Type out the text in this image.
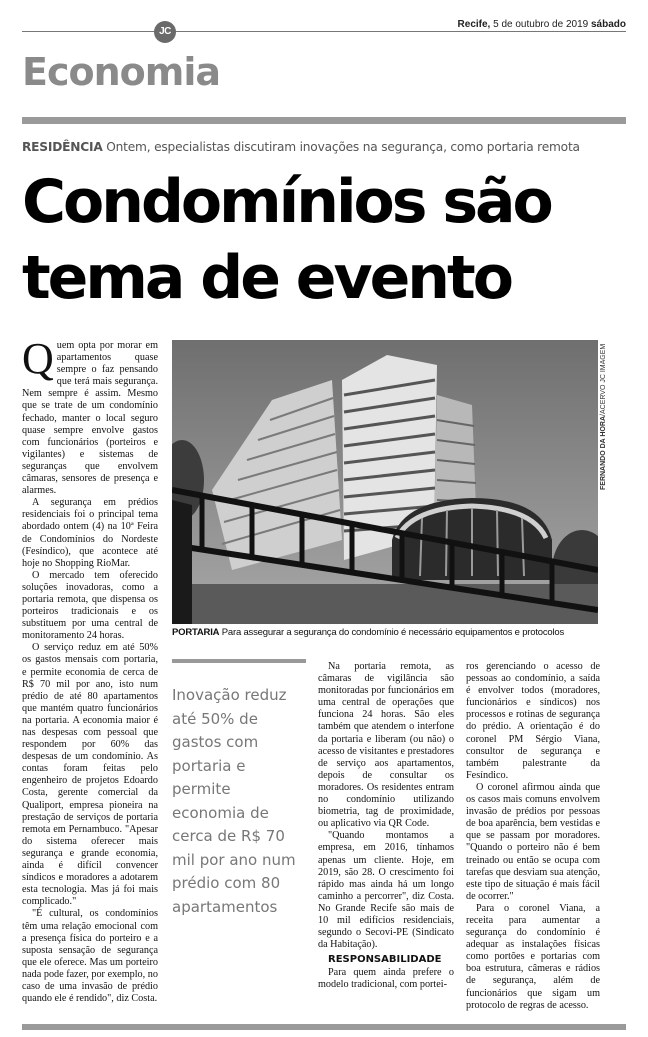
JC
Recife, 5 de outubro de 2019 sábado
Economia
RESIDÊNCIA Ontem, especialistas discutiram inovações na segurança, como portaria remota
Condomínios são
tema de evento

Quem opta por morar em apartamentos quase sempre o faz pensando que terá mais segurança. Nem sempre é assim. Mesmo que se trate de um condomínio fechado, manter o local seguro quase sempre envolve gastos com funcionários (porteiros e vigilantes) e sistemas de seguranças que envolvem câmaras, sensores de presença e alarmes.

A segurança em prédios residenciais foi o principal tema abordado ontem (4) na 10ª Feira de Condomínios do Nordeste (Fesíndico), que acontece até hoje no Shopping RioMar.

O mercado tem oferecido soluções inovadoras, como a portaria remota, que dispensa os porteiros tradicionais e os substituem por uma central de monitoramento 24 horas.

O serviço reduz em até 50% os gastos mensais com portaria, e permite economia de cerca de R$ 70 mil por ano, isto num prédio de até 80 apartamentos que mantém quatro funcionários na portaria. A economia maior é nas despesas com pessoal que respondem por 60% das despesas de um condomínio. As contas foram feitas pelo engenheiro de projetos Edoardo Costa, gerente comercial da Qualiport, empresa pioneira na prestação de serviços de portaria remota em Pernambuco. "Apesar do sistema oferecer mais segurança e grande economia, ainda é difícil convencer síndicos e moradores a adotarem esta tecnologia. Mas já foi mais complicado."

"É cultural, os condomínios têm uma relação emocional com a presença física do porteiro e a suposta sensação de segurança que ele oferece. Mas um porteiro nada pode fazer, por exemplo, no caso de uma invasão de prédio quando ele é rendido", diz Costa.

FERNANDO DA HORA/ACERVO JC IMAGEM
PORTARIA Para assegurar a segurança do condomínio é necessário equipamentos e protocolos
Inovação reduz até 50% de gastos com portaria e permite economia de cerca de R$ 70 mil por ano num prédio com 80 apartamentos

Na portaria remota, as câmaras de vigilância são monitoradas por funcionários em uma central de operações que funciona 24 horas. São eles também que atendem o interfone da portaria e liberam (ou não) o acesso de visitantes e prestadores de serviço aos apartamentos, depois de consultar os moradores. Os residentes entram no condomínio utilizando biometria, tag de proximidade, ou aplicativo via QR Code.

"Quando montamos a empresa, em 2016, tínhamos apenas um cliente. Hoje, em 2019, são 28. O crescimento foi rápido mas ainda há um longo caminho a percorrer", diz Costa. No Grande Recife são mais de 10 mil edifícios residenciais, segundo o Secovi-PE (Sindicato da Habitação).

RESPONSABILIDADE

Para quem ainda prefere o modelo tradicional, com portei-

ros gerenciando o acesso de pessoas ao condomínio, a saída é envolver todos (moradores, funcionários e síndicos) nos processos e rotinas de segurança do prédio. A orientação é do coronel PM Sérgio Viana, consultor de segurança e também palestrante da Fesíndico.

O coronel afirmou ainda que os casos mais comuns envolvem invasão de prédios por pessoas de boa aparência, bem vestidas e que se passam por moradores. "Quando o porteiro não é bem treinado ou então se ocupa com tarefas que desviam sua atenção, este tipo de situação é mais fácil de ocorrer."

Para o coronel Viana, a receita para aumentar a segurança do condomínio é adequar as instalações físicas como portões e portarias com boa estrutura, câmeras e rádios de segurança, além de funcionários que sigam um protocolo de regras de acesso.
